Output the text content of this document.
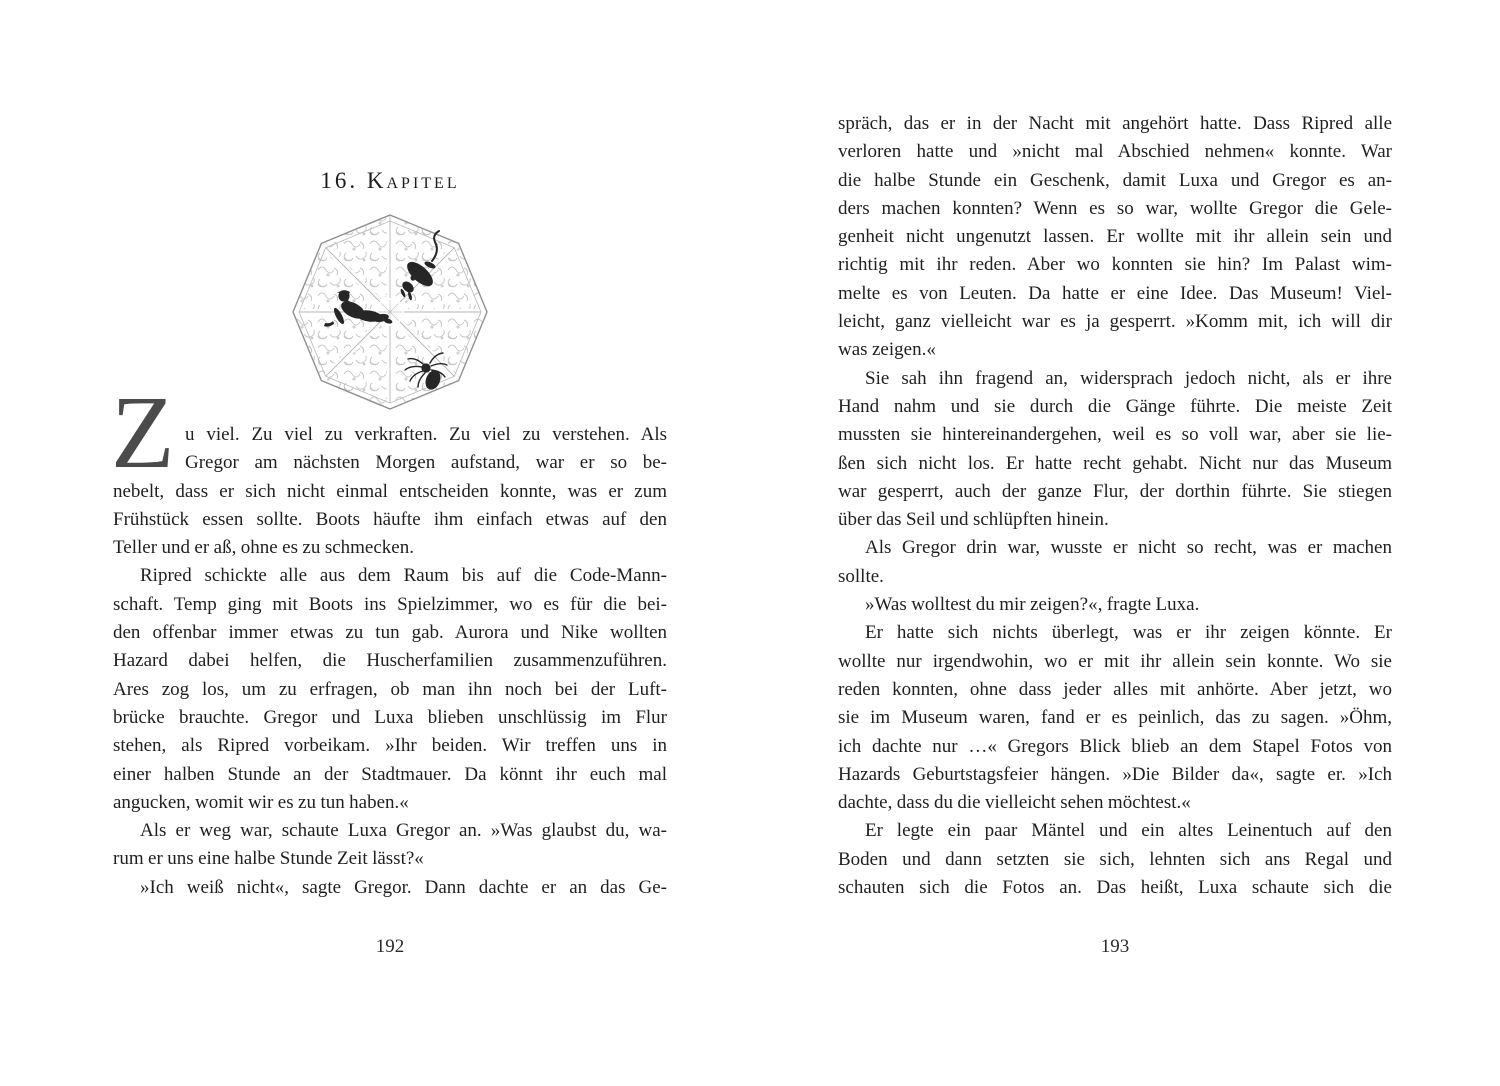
16. Kapitel
Z u viel. Zu viel zu verkraften. Zu viel zu verstehen. Als
Gregor am nächsten Morgen aufstand, war er so be-
nebelt, dass er sich nicht einmal entscheiden konnte, was er zum
Frühstück essen sollte. Boots häufte ihm einfach etwas auf den
Teller und er aß, ohne es zu schmecken.
Ripred schickte alle aus dem Raum bis auf die Code-Mann-
schaft. Temp ging mit Boots ins Spielzimmer, wo es für die bei-
den offenbar immer etwas zu tun gab. Aurora und Nike wollten
Hazard dabei helfen, die Huscherfamilien zusammenzuführen.
Ares zog los, um zu erfragen, ob man ihn noch bei der Luft-
brücke brauchte. Gregor und Luxa blieben unschlüssig im Flur
stehen, als Ripred vorbeikam. »Ihr beiden. Wir treffen uns in
einer halben Stunde an der Stadtmauer. Da könnt ihr euch mal
angucken, womit wir es zu tun haben.«
Als er weg war, schaute Luxa Gregor an. »Was glaubst du, wa-
rum er uns eine halbe Stunde Zeit lässt?«
»Ich weiß nicht«, sagte Gregor. Dann dachte er an das Ge-
192
spräch, das er in der Nacht mit angehört hatte. Dass Ripred alle
verloren hatte und »nicht mal Abschied nehmen« konnte. War
die halbe Stunde ein Geschenk, damit Luxa und Gregor es an-
ders machen konnten? Wenn es so war, wollte Gregor die Gele-
genheit nicht ungenutzt lassen. Er wollte mit ihr allein sein und
richtig mit ihr reden. Aber wo konnten sie hin? Im Palast wim-
melte es von Leuten. Da hatte er eine Idee. Das Museum! Viel-
leicht, ganz vielleicht war es ja gesperrt. »Komm mit, ich will dir
was zeigen.«
Sie sah ihn fragend an, widersprach jedoch nicht, als er ihre
Hand nahm und sie durch die Gänge führte. Die meiste Zeit
mussten sie hintereinandergehen, weil es so voll war, aber sie lie-
ßen sich nicht los. Er hatte recht gehabt. Nicht nur das Museum
war gesperrt, auch der ganze Flur, der dorthin führte. Sie stiegen
über das Seil und schlüpften hinein.
Als Gregor drin war, wusste er nicht so recht, was er machen
sollte.
»Was wolltest du mir zeigen?«, fragte Luxa.
Er hatte sich nichts überlegt, was er ihr zeigen könnte. Er
wollte nur irgendwohin, wo er mit ihr allein sein konnte. Wo sie
reden konnten, ohne dass jeder alles mit anhörte. Aber jetzt, wo
sie im Museum waren, fand er es peinlich, das zu sagen. »Öhm,
ich dachte nur …« Gregors Blick blieb an dem Stapel Fotos von
Hazards Geburtstagsfeier hängen. »Die Bilder da«, sagte er. »Ich
dachte, dass du die vielleicht sehen möchtest.«
Er legte ein paar Mäntel und ein altes Leinentuch auf den
Boden und dann setzten sie sich, lehnten sich ans Regal und
schauten sich die Fotos an. Das heißt, Luxa schaute sich die
193
